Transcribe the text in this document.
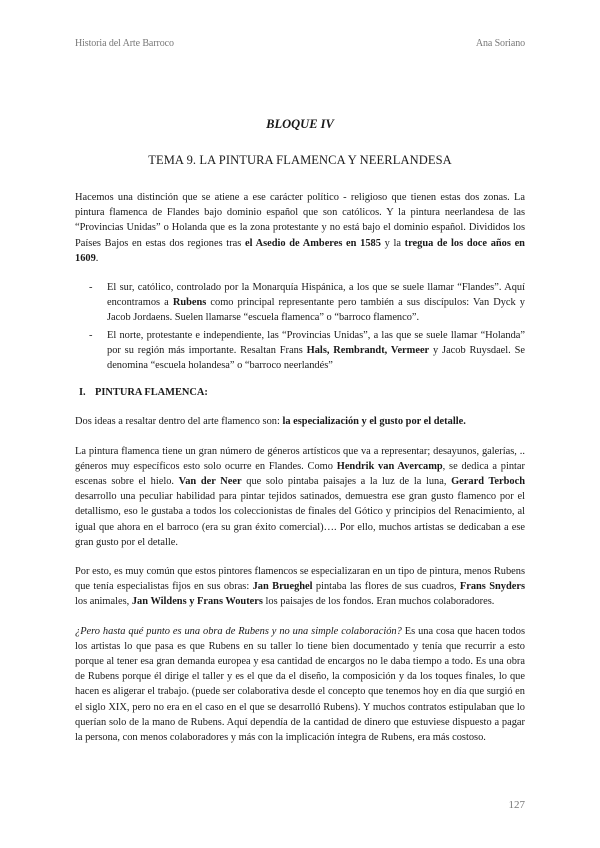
Historia del Arte Barroco	Ana Soriano
BLOQUE IV
TEMA 9. LA PINTURA FLAMENCA Y NEERLANDESA

Hacemos una distinción que se atiene a ese carácter político - religioso que tienen estas dos zonas. La pintura flamenca de Flandes bajo dominio español que son católicos. Y la pintura neerlandesa de las “Provincias Unidas” o Holanda que es la zona protestante y no está bajo el dominio español. Divididos los Países Bajos en estas dos regiones tras el Asedio de Amberes en 1585 y la tregua de los doce años en 1609.

- El sur, católico, controlado por la Monarquía Hispánica, a los que se suele llamar “Flandes”. Aquí encontramos a Rubens como principal representante pero también a sus discípulos: Van Dyck y Jacob Jordaens. Suelen llamarse “escuela flamenca” o “barroco flamenco”.
- El norte, protestante e independiente, las “Provincias Unidas”, a las que se suele llamar “Holanda” por su región más importante. Resaltan Frans Hals, Rembrandt, Vermeer y Jacob Ruysdael. Se denomina “escuela holandesa” o “barroco neerlandés”
I. PINTURA FLAMENCA:

Dos ideas a resaltar dentro del arte flamenco son: la especialización y el gusto por el detalle.

La pintura flamenca tiene un gran número de géneros artísticos que va a representar; desayunos, galerías, .. géneros muy específicos esto solo ocurre en Flandes. Como Hendrik van Avercamp, se dedica a pintar escenas sobre el hielo. Van der Neer que solo pintaba paisajes a la luz de la luna, Gerard Terboch desarrollo una peculiar habilidad para pintar tejidos satinados, demuestra ese gran gusto flamenco por el detallismo, eso le gustaba a todos los coleccionistas de finales del Gótico y principios del Renacimiento, al igual que ahora en el barroco (era su gran éxito comercial)…. Por ello, muchos artistas se dedicaban a ese gran gusto por el detalle.

Por esto, es muy común que estos pintores flamencos se especializaran en un tipo de pintura, menos Rubens que tenía especialistas fijos en sus obras: Jan Brueghel pintaba las flores de sus cuadros, Frans Snyders los animales, Jan Wildens y Frans Wouters los paisajes de los fondos. Eran muchos colaboradores.

¿Pero hasta qué punto es una obra de Rubens y no una simple colaboración? Es una cosa que hacen todos los artistas lo que pasa es que Rubens en su taller lo tiene bien documentado y tenía que recurrir a esto porque al tener esa gran demanda europea y esa cantidad de encargos no le daba tiempo a todo. Es una obra de Rubens porque él dirige el taller y es el que da el diseño, la composición y da los toques finales, lo que hacen es aligerar el trabajo. (puede ser colaborativa desde el concepto que tenemos hoy en día que surgió en el siglo XIX, pero no era en el caso en el que se desarrolló Rubens). Y muchos contratos estipulaban que lo querían solo de la mano de Rubens. Aquí dependía de la cantidad de dinero que estuviese dispuesto a pagar la persona, con menos colaboradores y más con la implicación íntegra de Rubens, era más costoso.

127
